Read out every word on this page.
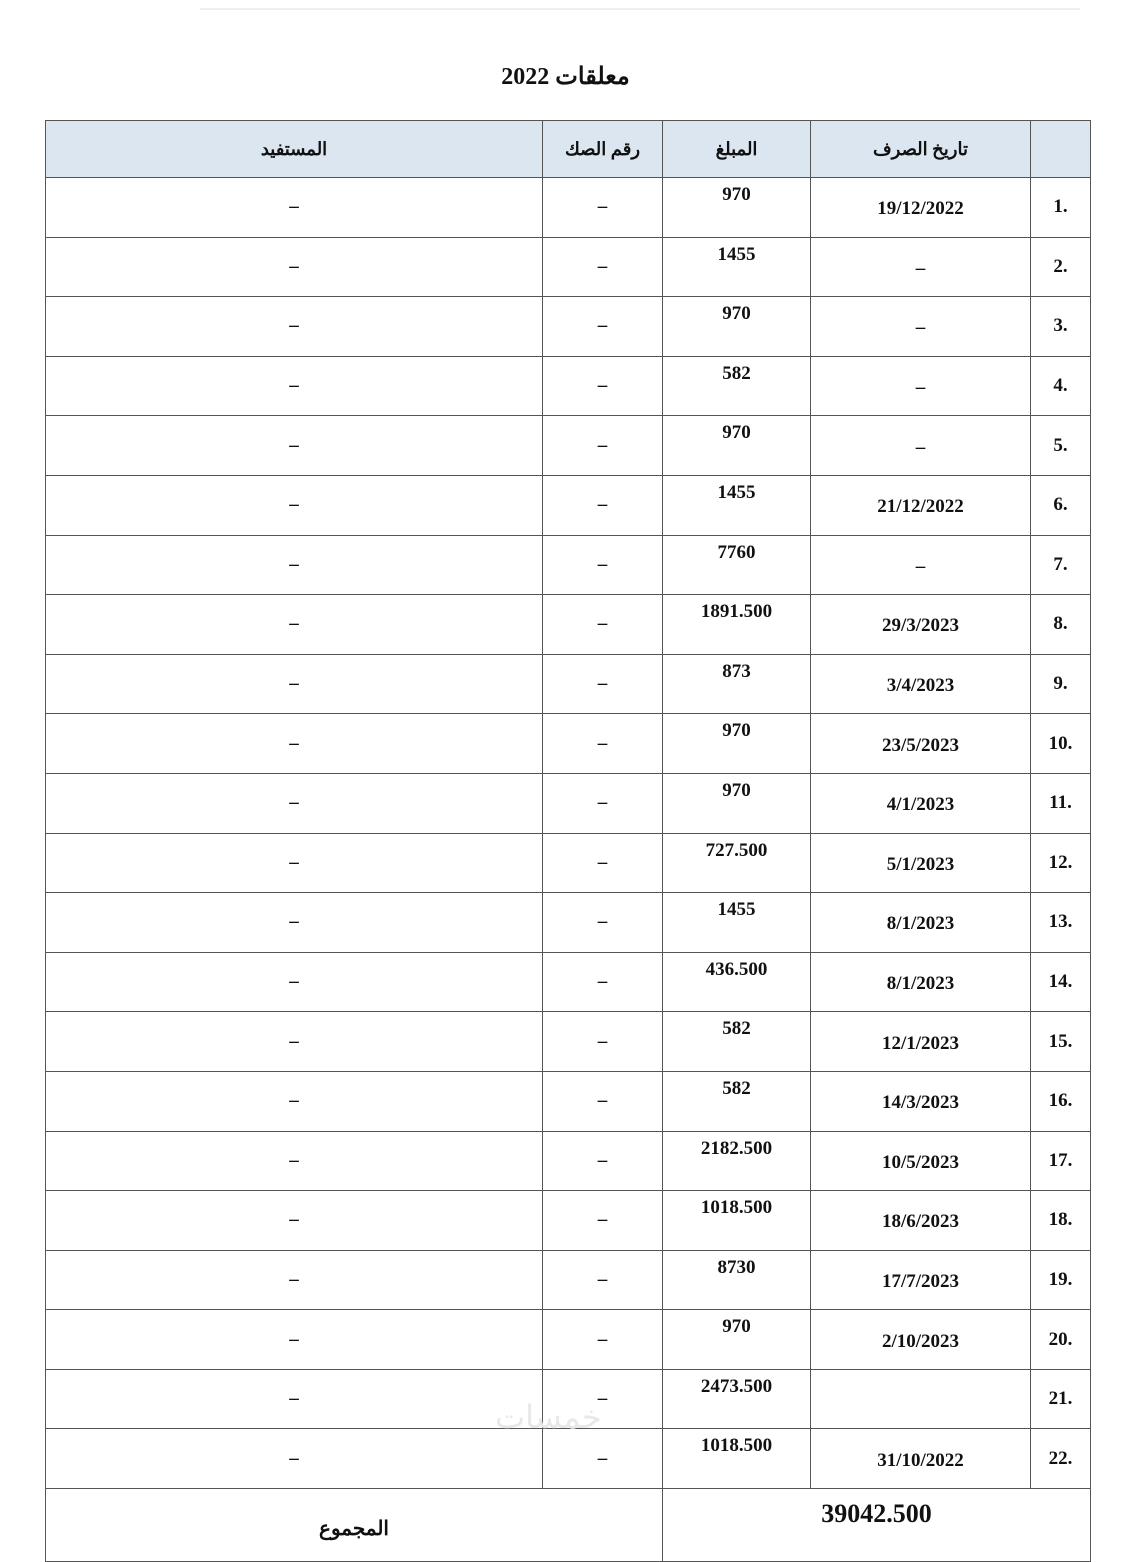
معلقات 2022
	تاريخ الصرف	المبلغ	رقم الصك	المستفيد
1.	19/12/2022	970	–	–
2.	–	1455	–	–
3.	–	970	–	–
4.	–	582	–	–
5.	–	970	–	–
6.	21/12/2022	1455	–	–
7.	–	7760	–	–
8.	29/3/2023	1891.500	–	–
9.	3/4/2023	873	–	–
10.	23/5/2023	970	–	–
11.	4/1/2023	970	–	–
12.	5/1/2023	727.500	–	–
13.	8/1/2023	1455	–	–
14.	8/1/2023	436.500	–	–
15.	12/1/2023	582	–	–
16.	14/3/2023	582	–	–
17.	10/5/2023	2182.500	–	–
18.	18/6/2023	1018.500	–	–
19.	17/7/2023	8730	–	–
20.	2/10/2023	970	–	–
21.		2473.500	–	–
22.	31/10/2022	1018.500	–	–
39042.500			المجموع	
خمسات
